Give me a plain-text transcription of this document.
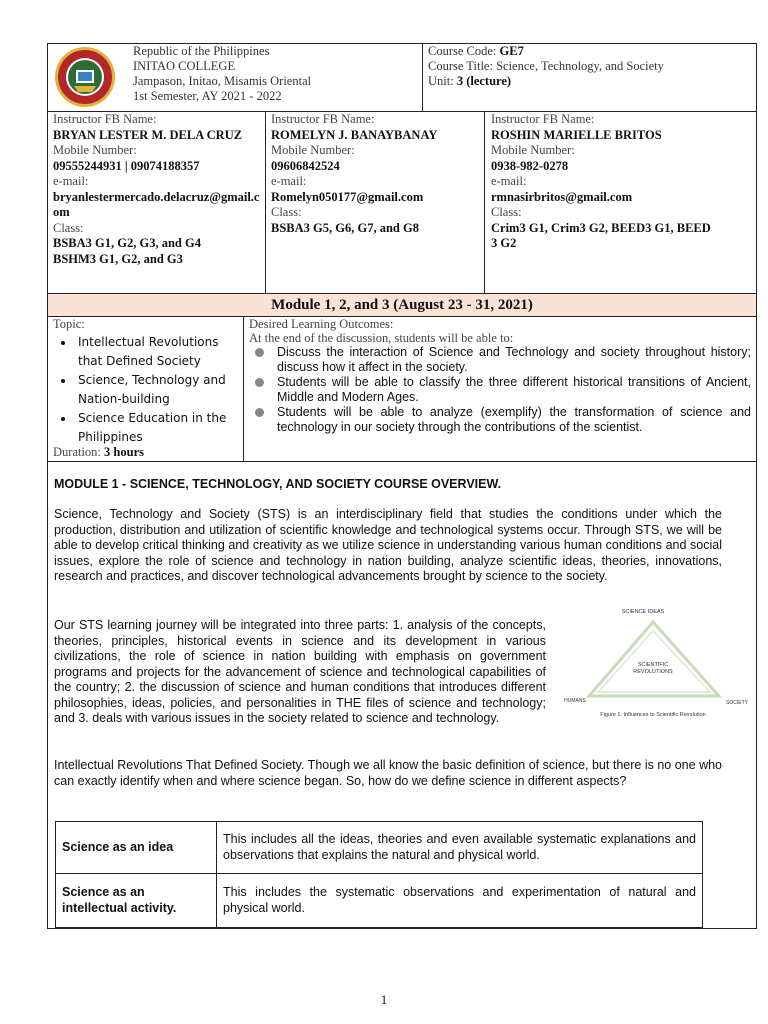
Republic of the Philippines
INITAO COLLEGE
Jampason, Initao, Misamis Oriental
1st Semester, AY 2021 - 2022
Course Code: GE7
Course Title: Science, Technology, and Society
Unit: 3 (lecture)
Instructor FB Name:
BRYAN LESTER M. DELA CRUZ
Mobile Number:
09555244931 | 09074188357
e-mail:
bryanlestermercado.delacruz@gmail.com
Class:
BSBA3 G1, G2, G3, and G4 BSHM3 G1, G2, and G3
Instructor FB Name:
ROMELYN J. BANAYBANAY
Mobile Number:
09606842524
e-mail:
Romelyn050177@gmail.com
Class:
BSBA3 G5, G6, G7, and G8
Instructor FB Name:
ROSHIN MARIELLE BRITOS
Mobile Number:
0938-982-0278
e-mail:
rmnasirbritos@gmail.com
Class:
Crim3 G1, Crim3 G2, BEED3 G1, BEED 3 G2
Module 1, 2, and 3 (August 23 - 31, 2021)
Topic:
• Intellectual Revolutions that Defined Society
• Science, Technology and Nation-building
• Science Education in the Philippines
Duration: 3 hours
Desired Learning Outcomes:
At the end of the discussion, students will be able to:
Discuss the interaction of Science and Technology and society throughout history; discuss how it affect in the society.
Students will be able to classify the three different historical transitions of Ancient, Middle and Modern Ages.
Students will be able to analyze (exemplify) the transformation of science and technology in our society through the contributions of the scientist.
MODULE 1 - SCIENCE, TECHNOLOGY, AND SOCIETY COURSE OVERVIEW.
Science, Technology and Society (STS) is an interdisciplinary field that studies the conditions under which the production, distribution and utilization of scientific knowledge and technological systems occur. Through STS, we will be able to develop critical thinking and creativity as we utilize science in understanding various human conditions and social issues, explore the role of science and technology in nation building, analyze scientific ideas, theories, innovations, research and practices, and discover technological advancements brought by science to the society.
Our STS learning journey will be integrated into three parts: 1. analysis of the concepts, theories, principles, historical events in science and its development in various civilizations, the role of science in nation building with emphasis on government programs and projects for the advancement of science and technological capabilities of the country; 2. the discussion of science and human conditions that introduces different philosophies, ideas, policies, and personalities in THE files of science and technology; and 3. deals with various issues in the society related to science and technology.
SCIENCE IDEAS
SCIENTIFIC
REVOLUTIONS
HUMANS	SOCIETY
Figure 1. Influences to Scientific Revolution
Intellectual Revolutions That Defined Society. Though we all know the basic definition of science, but there is no one who can exactly identify when and where science began. So, how do we define science in different aspects?
Science as an idea	This includes all the ideas, theories and even available systematic explanations and observations that explains the natural and physical world.
Science as an intellectual activity.	This includes the systematic observations and experimentation of natural and physical world.
1
